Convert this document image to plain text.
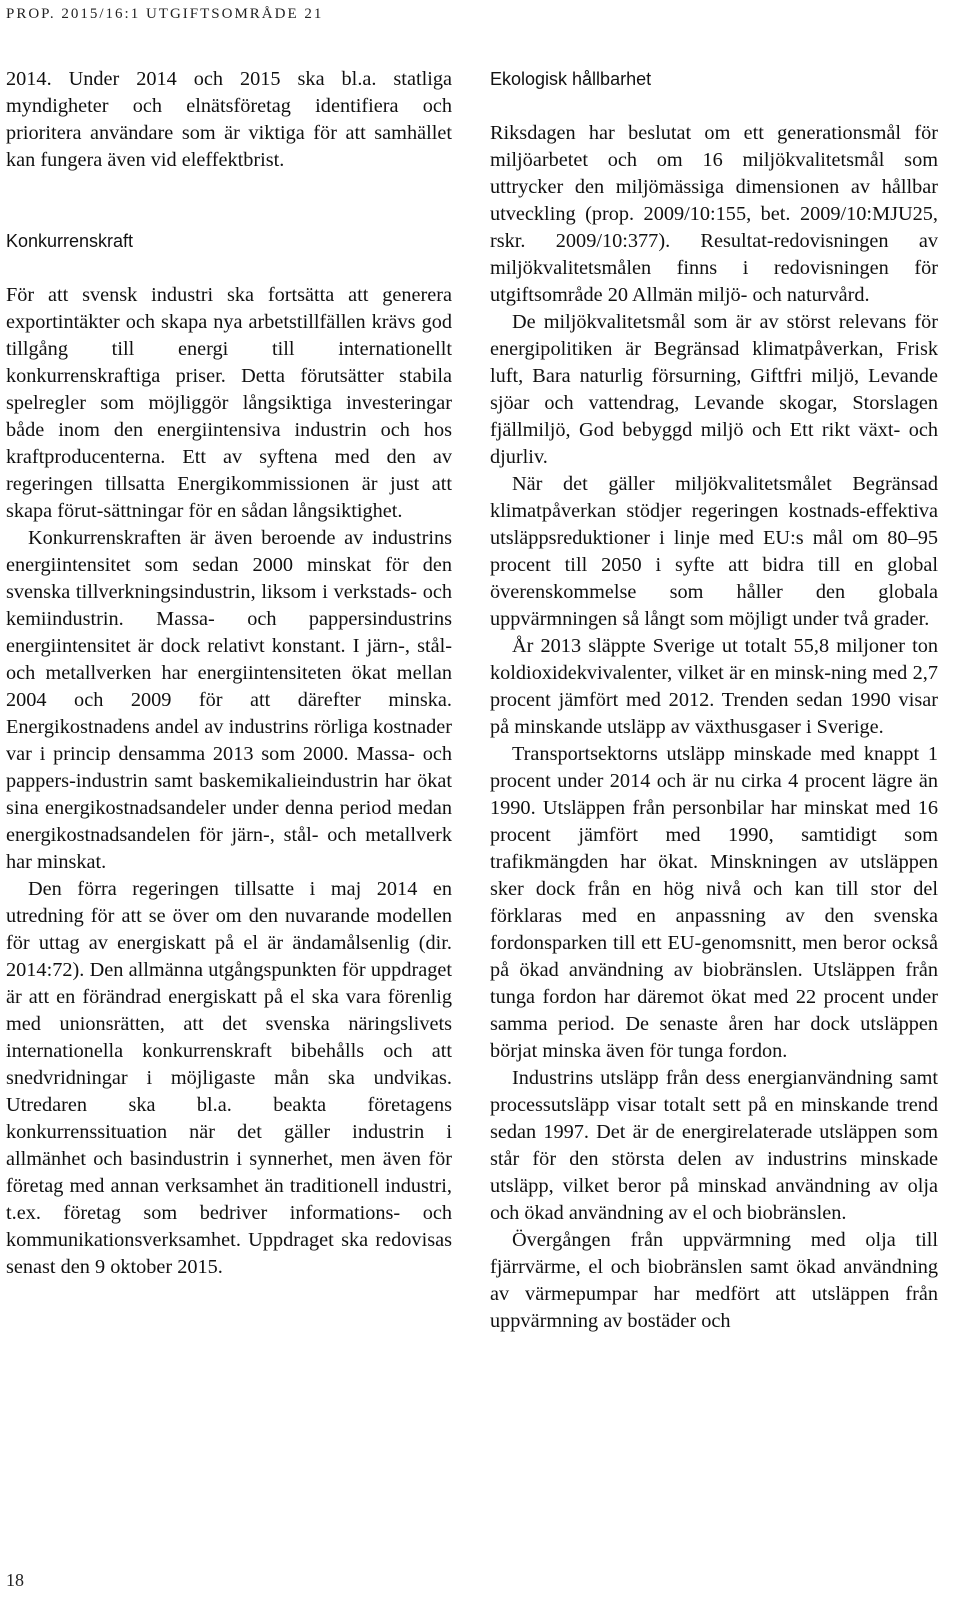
PROP. 2015/16:1 UTGIFTSOMRÅDE 21

2014. Under 2014 och 2015 ska bl.a. statliga myndigheter och elnätsföretag identifiera och prioritera användare som är viktiga för att samhället kan fungera även vid eleffektbrist.

Konkurrenskraft

För att svensk industri ska fortsätta att generera exportintäkter och skapa nya arbetstillfällen krävs god tillgång till energi till internationellt konkurrenskraftiga priser. Detta förutsätter stabila spelregler som möjliggör långsiktiga investeringar både inom den energiintensiva industrin och hos kraftproducenterna. Ett av syftena med den av regeringen tillsatta Energikommissionen är just att skapa förut-sättningar för en sådan långsiktighet.

Konkurrenskraften är även beroende av industrins energiintensitet som sedan 2000 minskat för den svenska tillverkningsindustrin, liksom i verkstads- och kemiindustrin. Massa- och pappersindustrins energiintensitet är dock relativt konstant. I järn-, stål- och metallverken har energiintensiteten ökat mellan 2004 och 2009 för att därefter minska. Energikostnadens andel av industrins rörliga kostnader var i princip densamma 2013 som 2000. Massa- och pappers-industrin samt baskemikalieindustrin har ökat sina energikostnadsandeler under denna period medan energikostnadsandelen för järn-, stål- och metallverk har minskat.

Den förra regeringen tillsatte i maj 2014 en utredning för att se över om den nuvarande modellen för uttag av energiskatt på el är ändamålsenlig (dir. 2014:72). Den allmänna utgångspunkten för uppdraget är att en förändrad energiskatt på el ska vara förenlig med unionsrätten, att det svenska näringslivets internationella konkurrenskraft bibehålls och att snedvridningar i möjligaste mån ska undvikas. Utredaren ska bl.a. beakta företagens konkurrenssituation när det gäller industrin i allmänhet och basindustrin i synnerhet, men även för företag med annan verksamhet än traditionell industri, t.ex. företag som bedriver informations- och kommunikationsverksamhet. Uppdraget ska redovisas senast den 9 oktober 2015.

Ekologisk hållbarhet

Riksdagen har beslutat om ett generationsmål för miljöarbetet och om 16 miljökvalitetsmål som uttrycker den miljömässiga dimensionen av hållbar utveckling (prop. 2009/10:155, bet. 2009/10:MJU25, rskr. 2009/10:377). Resultat-redovisningen av miljökvalitetsmålen finns i redovisningen för utgiftsområde 20 Allmän miljö- och naturvård.

De miljökvalitetsmål som är av störst relevans för energipolitiken är Begränsad klimatpåverkan, Frisk luft, Bara naturlig försurning, Giftfri miljö, Levande sjöar och vattendrag, Levande skogar, Storslagen fjällmiljö, God bebyggd miljö och Ett rikt växt- och djurliv.

När det gäller miljökvalitetsmålet Begränsad klimatpåverkan stödjer regeringen kostnads-effektiva utsläppsreduktioner i linje med EU:s mål om 80–95 procent till 2050 i syfte att bidra till en global överenskommelse som håller den globala uppvärmningen så långt som möjligt under två grader.

År 2013 släppte Sverige ut totalt 55,8 miljoner ton koldioxidekvivalenter, vilket är en minsk-ning med 2,7 procent jämfört med 2012. Trenden sedan 1990 visar på minskande utsläpp av växthusgaser i Sverige.

Transportsektorns utsläpp minskade med knappt 1 procent under 2014 och är nu cirka 4 procent lägre än 1990. Utsläppen från personbilar har minskat med 16 procent jämfört med 1990, samtidigt som trafikmängden har ökat. Minskningen av utsläppen sker dock från en hög nivå och kan till stor del förklaras med en anpassning av den svenska fordonsparken till ett EU-genomsnitt, men beror också på ökad användning av biobränslen. Utsläppen från tunga fordon har däremot ökat med 22 procent under samma period. De senaste åren har dock utsläppen börjat minska även för tunga fordon.

Industrins utsläpp från dess energianvändning samt processutsläpp visar totalt sett på en minskande trend sedan 1997. Det är de energirelaterade utsläppen som står för den största delen av industrins minskade utsläpp, vilket beror på minskad användning av olja och ökad användning av el och biobränslen.

Övergången från uppvärmning med olja till fjärrvärme, el och biobränslen samt ökad användning av värmepumpar har medfört att utsläppen från uppvärmning av bostäder och

18
